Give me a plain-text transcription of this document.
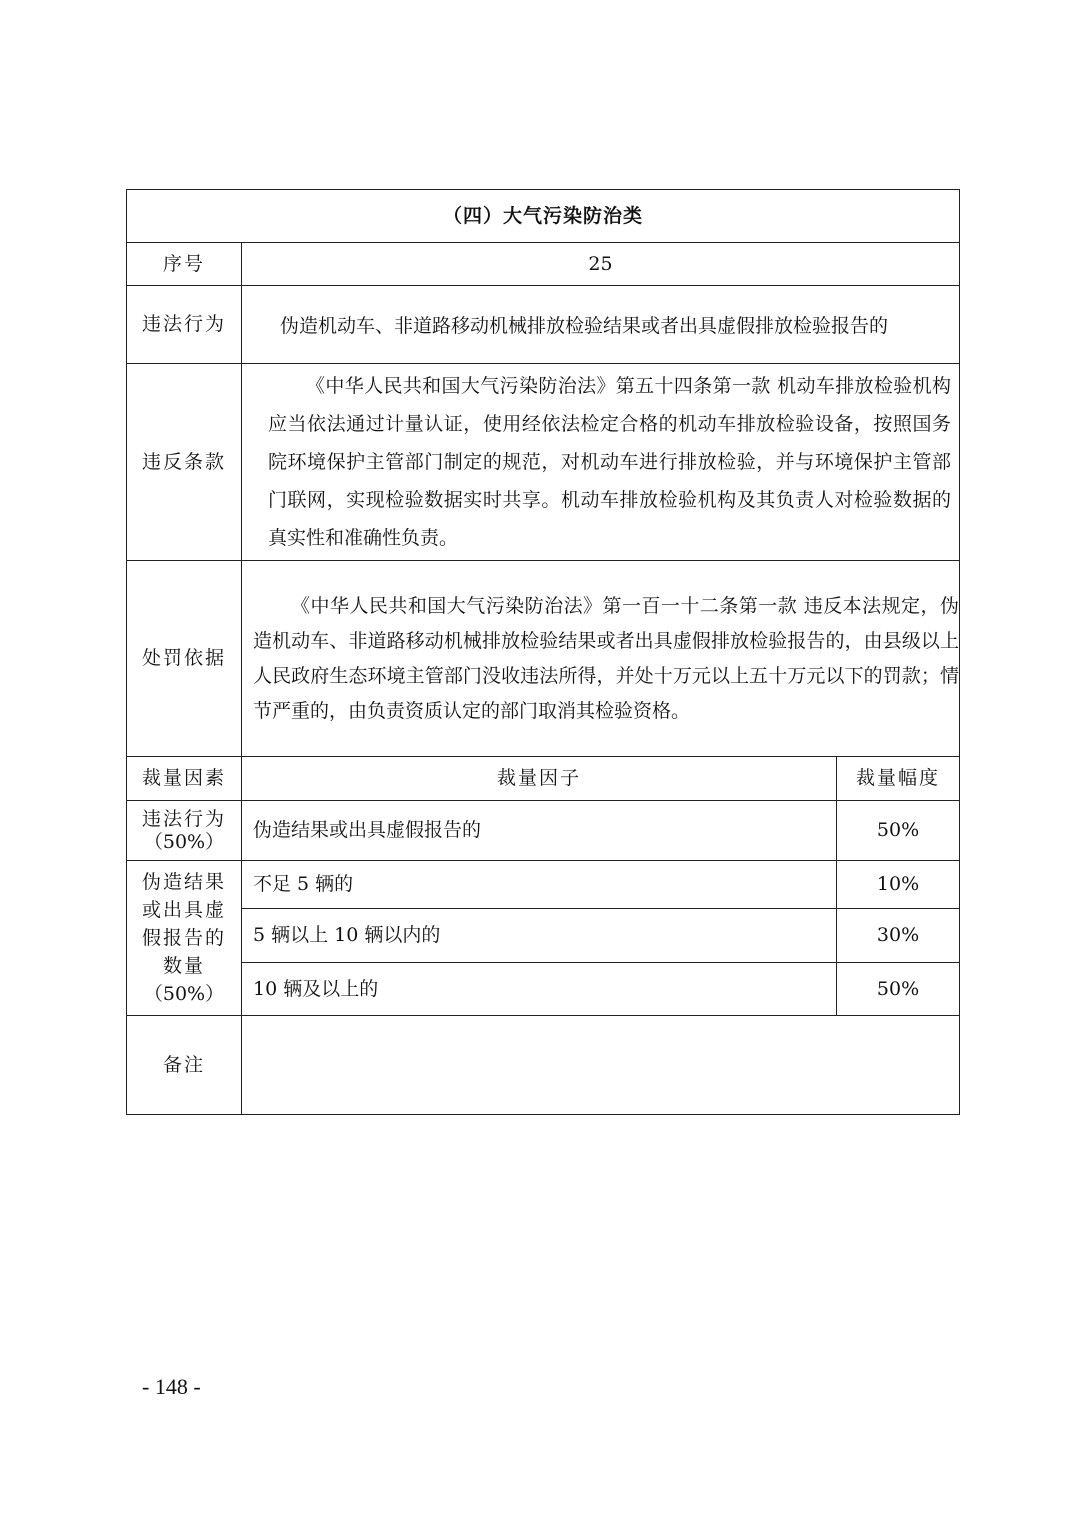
（四）大气污染防治类		
序号	25	
违法行为	伪造机动车、非道路移动机械排放检验结果或者出具虚假排放检验报告的	
违反条款	《中华人民共和国大气污染防治法》第五十四条第一款 机动车排放检验机构应当依法通过计量认证，使用经依法检定合格的机动车排放检验设备，按照国务院环境保护主管部门制定的规范，对机动车进行排放检验，并与环境保护主管部门联网，实现检验数据实时共享。机动车排放检验机构及其负责人对检验数据的真实性和准确性负责。	
处罚依据	《中华人民共和国大气污染防治法》第一百一十二条第一款 违反本法规定，伪造机动车、非道路移动机械排放检验结果或者出具虚假排放检验报告的，由县级以上人民政府生态环境主管部门没收违法所得，并处十万元以上五十万元以下的罚款；情节严重的，由负责资质认定的部门取消其检验资格。	
裁量因素	裁量因子	裁量幅度

违法行为
（50%）	伪造结果或出具虚假报告的	50%

伪造结果
或出具虚
假报告的
数量
（50%）	不足 5 辆的	10%
	5 辆以上 10 辆以内的	30%
	10 辆及以上的	50%
备注		
- 148 -
